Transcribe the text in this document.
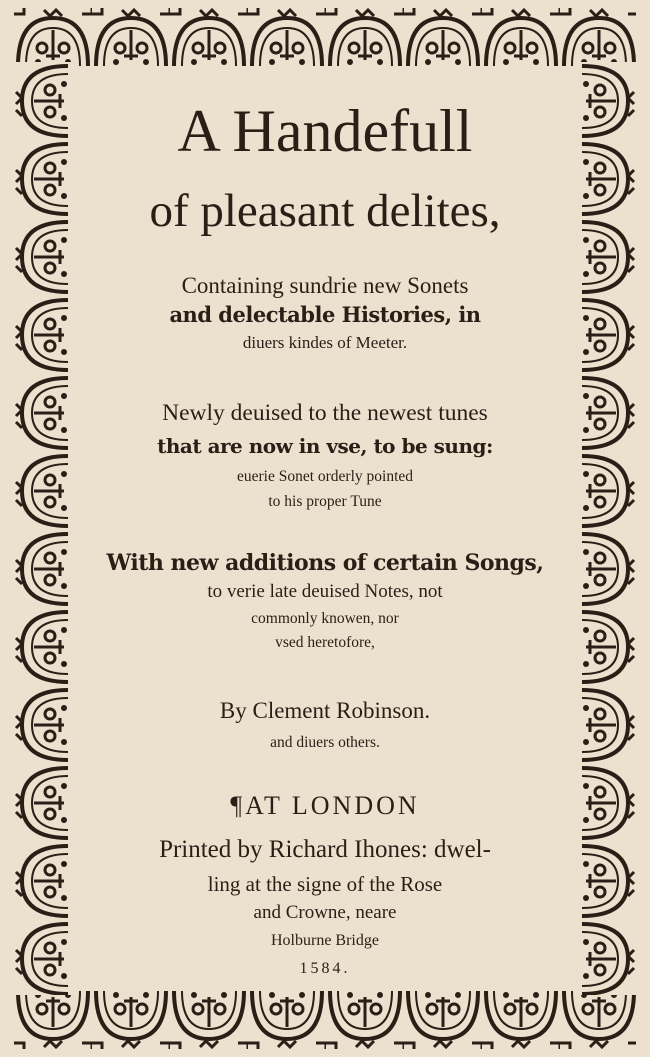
A Handefull
of pleasant delites,
Containing sundrie new Sonets
and delectable Histories, in
diuers kindes of Meeter.
Newly deuised to the newest tunes
that are now in vse, to be sung:
euerie Sonet orderly pointed
to his proper Tune
With new additions of certain Songs,
to verie late deuised Notes, not
commonly knowen, nor
vsed heretofore,
By Clement Robinson.
and diuers others.
¶AT LONDON
Printed by Richard Ihones: dwel-
ling at the signe of the Rose
and Crowne, neare
Holburne Bridge
1584.
